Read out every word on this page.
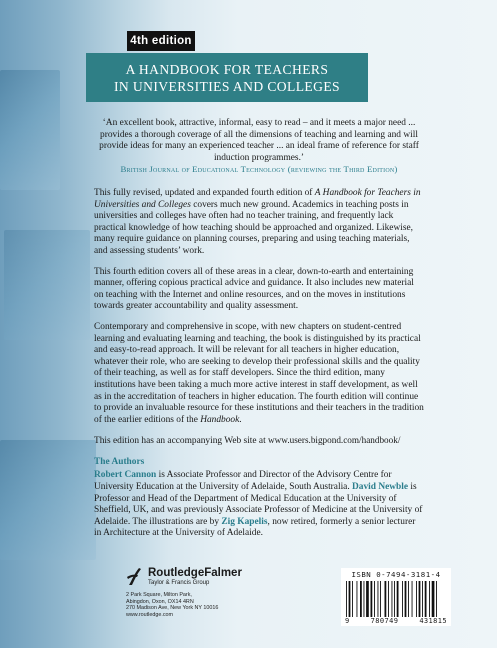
4th edition
A HANDBOOK FOR TEACHERS
IN UNIVERSITIES AND COLLEGES
‘An excellent book, attractive, informal, easy to read – and it meets a major need ... provides a thorough coverage of all the dimensions of teaching and learning and will provide ideas for many an experienced teacher ... an ideal frame of reference for staff induction programmes.’
British Journal of Educational Technology (reviewing the Third Edition)

This fully revised, updated and expanded fourth edition of A Handbook for Teachers in Universities and Colleges covers much new ground. Academics in teaching posts in universities and colleges have often had no teacher training, and frequently lack practical knowledge of how teaching should be approached and organized. Likewise, many require guidance on planning courses, preparing and using teaching materials, and assessing students’ work.

This fourth edition covers all of these areas in a clear, down-to-earth and entertaining manner, offering copious practical advice and guidance. It also includes new material on teaching with the Internet and online resources, and on the moves in institutions towards greater accountability and quality assessment.

Contemporary and comprehensive in scope, with new chapters on student-centred learning and evaluating learning and teaching, the book is distinguished by its practical and easy-to-read approach. It will be relevant for all teachers in higher education, whatever their role, who are seeking to develop their professional skills and the quality of their teaching, as well as for staff developers. Since the third edition, many institutions have been taking a much more active interest in staff development, as well as in the accreditation of teachers in higher education. The fourth edition will continue to provide an invaluable resource for these institutions and their teachers in the tradition of the earlier editions of the Handbook.

This edition has an accompanying Web site at www.users.bigpond.com/handbook/

The Authors

Robert Cannon is Associate Professor and Director of the Advisory Centre for University Education at the University of Adelaide, South Australia. David Newble is Professor and Head of the Department of Medical Education at the University of Sheffield, UK, and was previously Associate Professor of Medicine at the University of Adelaide. The illustrations are by Zig Kapelis, now retired, formerly a senior lecturer in Architecture at the University of Adelaide.

RoutledgeFalmer
Taylor & Francis Group
2 Park Square, Milton Park,
Abingdon, Oxon, OX14 4RN
270 Madison Ave, New York NY 10016
www.routledge.com
ISBN 0-7494-3181-4
9	780749	431815
